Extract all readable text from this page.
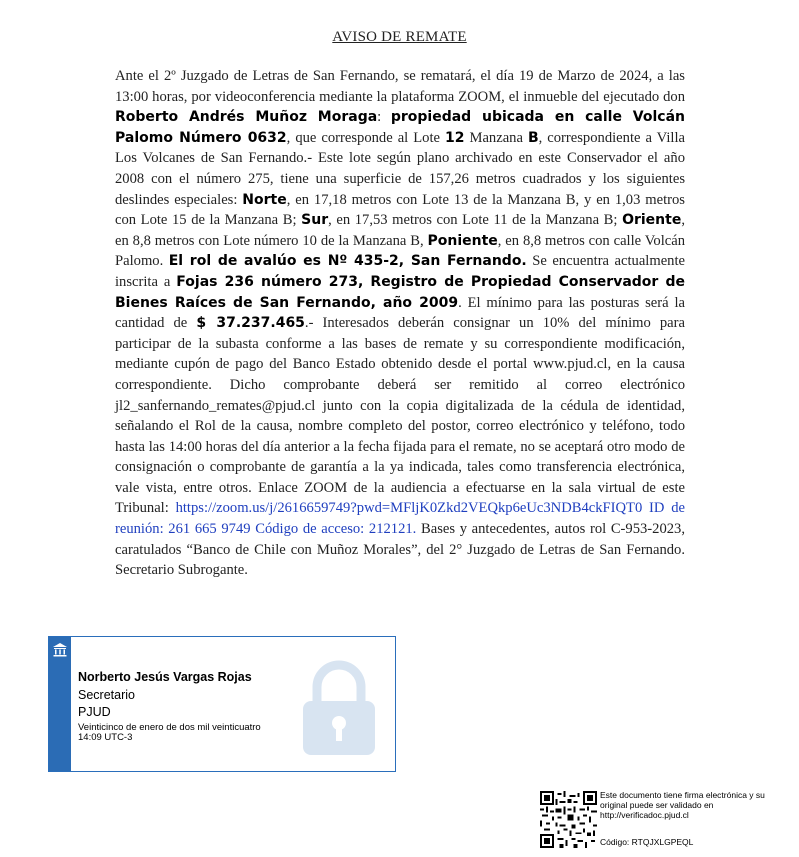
AVISO DE REMATE
Ante el 2º Juzgado de Letras de San Fernando, se rematará, el día 19 de Marzo de 2024, a las 13:00 horas, por videoconferencia mediante la plataforma ZOOM, el inmueble del ejecutado don Roberto Andrés Muñoz Moraga: propiedad ubicada en calle Volcán Palomo Número 0632, que corresponde al Lote 12 Manzana B, correspondiente a Villa Los Volcanes de San Fernando.- Este lote según plano archivado en este Conservador el año 2008 con el número 275, tiene una superficie de 157,26 metros cuadrados y los siguientes deslindes especiales: Norte, en 17,18 metros con Lote 13 de la Manzana B, y en 1,03 metros con Lote 15 de la Manzana B; Sur, en 17,53 metros con Lote 11 de la Manzana B; Oriente, en 8,8 metros con Lote número 10 de la Manzana B, Poniente, en 8,8 metros con calle Volcán Palomo. El rol de avalúo es Nº 435-2, San Fernando. Se encuentra actualmente inscrita a Fojas 236 número 273, Registro de Propiedad Conservador de Bienes Raíces de San Fernando, año 2009. El mínimo para las posturas será la cantidad de $ 37.237.465.- Interesados deberán consignar un 10% del mínimo para participar de la subasta conforme a las bases de remate y su correspondiente modificación, mediante cupón de pago del Banco Estado obtenido desde el portal www.pjud.cl, en la causa correspondiente. Dicho comprobante deberá ser remitido al correo electrónico jl2_sanfernando_remates@pjud.cl junto con la copia digitalizada de la cédula de identidad, señalando el Rol de la causa, nombre completo del postor, correo electrónico y teléfono, todo hasta las 14:00 horas del día anterior a la fecha fijada para el remate, no se aceptará otro modo de consignación o comprobante de garantía a la ya indicada, tales como transferencia electrónica, vale vista, entre otros. Enlace ZOOM de la audiencia a efectuarse en la sala virtual de este Tribunal: https://zoom.us/j/2616659749?pwd=MFljK0Zkd2VEQkp6eUc3NDB4ckFIQT0 ID de reunión: 261 665 9749 Código de acceso: 212121. Bases y antecedentes, autos rol C-953-2023, caratulados “Banco de Chile con Muñoz Morales”, del 2° Juzgado de Letras de San Fernando. Secretario Subrogante.
Norberto Jesús Vargas Rojas
Secretario
PJUD
Veinticinco de enero de dos mil veinticuatro
14:09 UTC-3
Este documento tiene firma electrónica y su original puede ser validado en http://verificadoc.pjud.cl
Código: RTQJXLGPEQL
